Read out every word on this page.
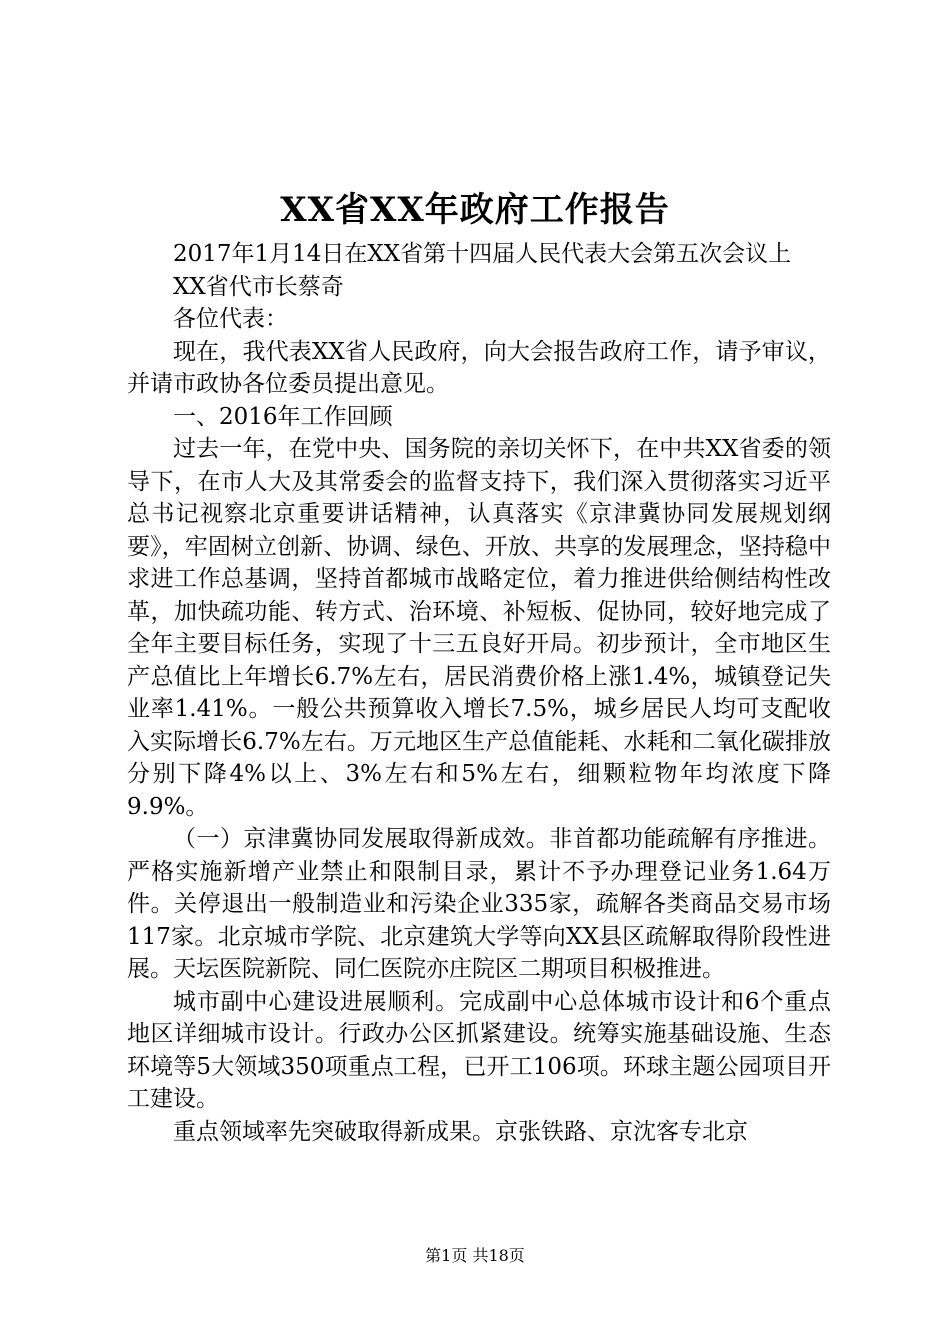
XX省XX年政府工作报告

2017年1月14日在XX省第十四届人民代表大会第五次会议上

XX省代市长蔡奇

各位代表：

现在，我代表XX省人民政府，向大会报告政府工作，请予审议，并请市政协各位委员提出意见。

一、2016年工作回顾

过去一年，在党中央、国务院的亲切关怀下，在中共XX省委的领导下，在市人大及其常委会的监督支持下，我们深入贯彻落实习近平总书记视察北京重要讲话精神，认真落实《京津冀协同发展规划纲要》，牢固树立创新、协调、绿色、开放、共享的发展理念，坚持稳中求进工作总基调，坚持首都城市战略定位，着力推进供给侧结构性改革，加快疏功能、转方式、治环境、补短板、促协同，较好地完成了全年主要目标任务，实现了十三五良好开局。初步预计，全市地区生产总值比上年增长6.7%左右，居民消费价格上涨1.4%，城镇登记失业率1.41%。一般公共预算收入增长7.5%，城乡居民人均可支配收入实际增长6.7%左右。万元地区生产总值能耗、水耗和二氧化碳排放分别下降4%以上、3%左右和5%左右，细颗粒物年均浓度下降9.9%。

（一）京津冀协同发展取得新成效。非首都功能疏解有序推进。严格实施新增产业禁止和限制目录，累计不予办理登记业务1.64万件。关停退出一般制造业和污染企业335家，疏解各类商品交易市场117家。北京城市学院、北京建筑大学等向XX县区疏解取得阶段性进展。天坛医院新院、同仁医院亦庄院区二期项目积极推进。

城市副中心建设进展顺利。完成副中心总体城市设计和6个重点地区详细城市设计。行政办公区抓紧建设。统筹实施基础设施、生态环境等5大领域350项重点工程，已开工106项。环球主题公园项目开工建设。

重点领域率先突破取得新成果。京张铁路、京沈客专北京

第1页 共18页
